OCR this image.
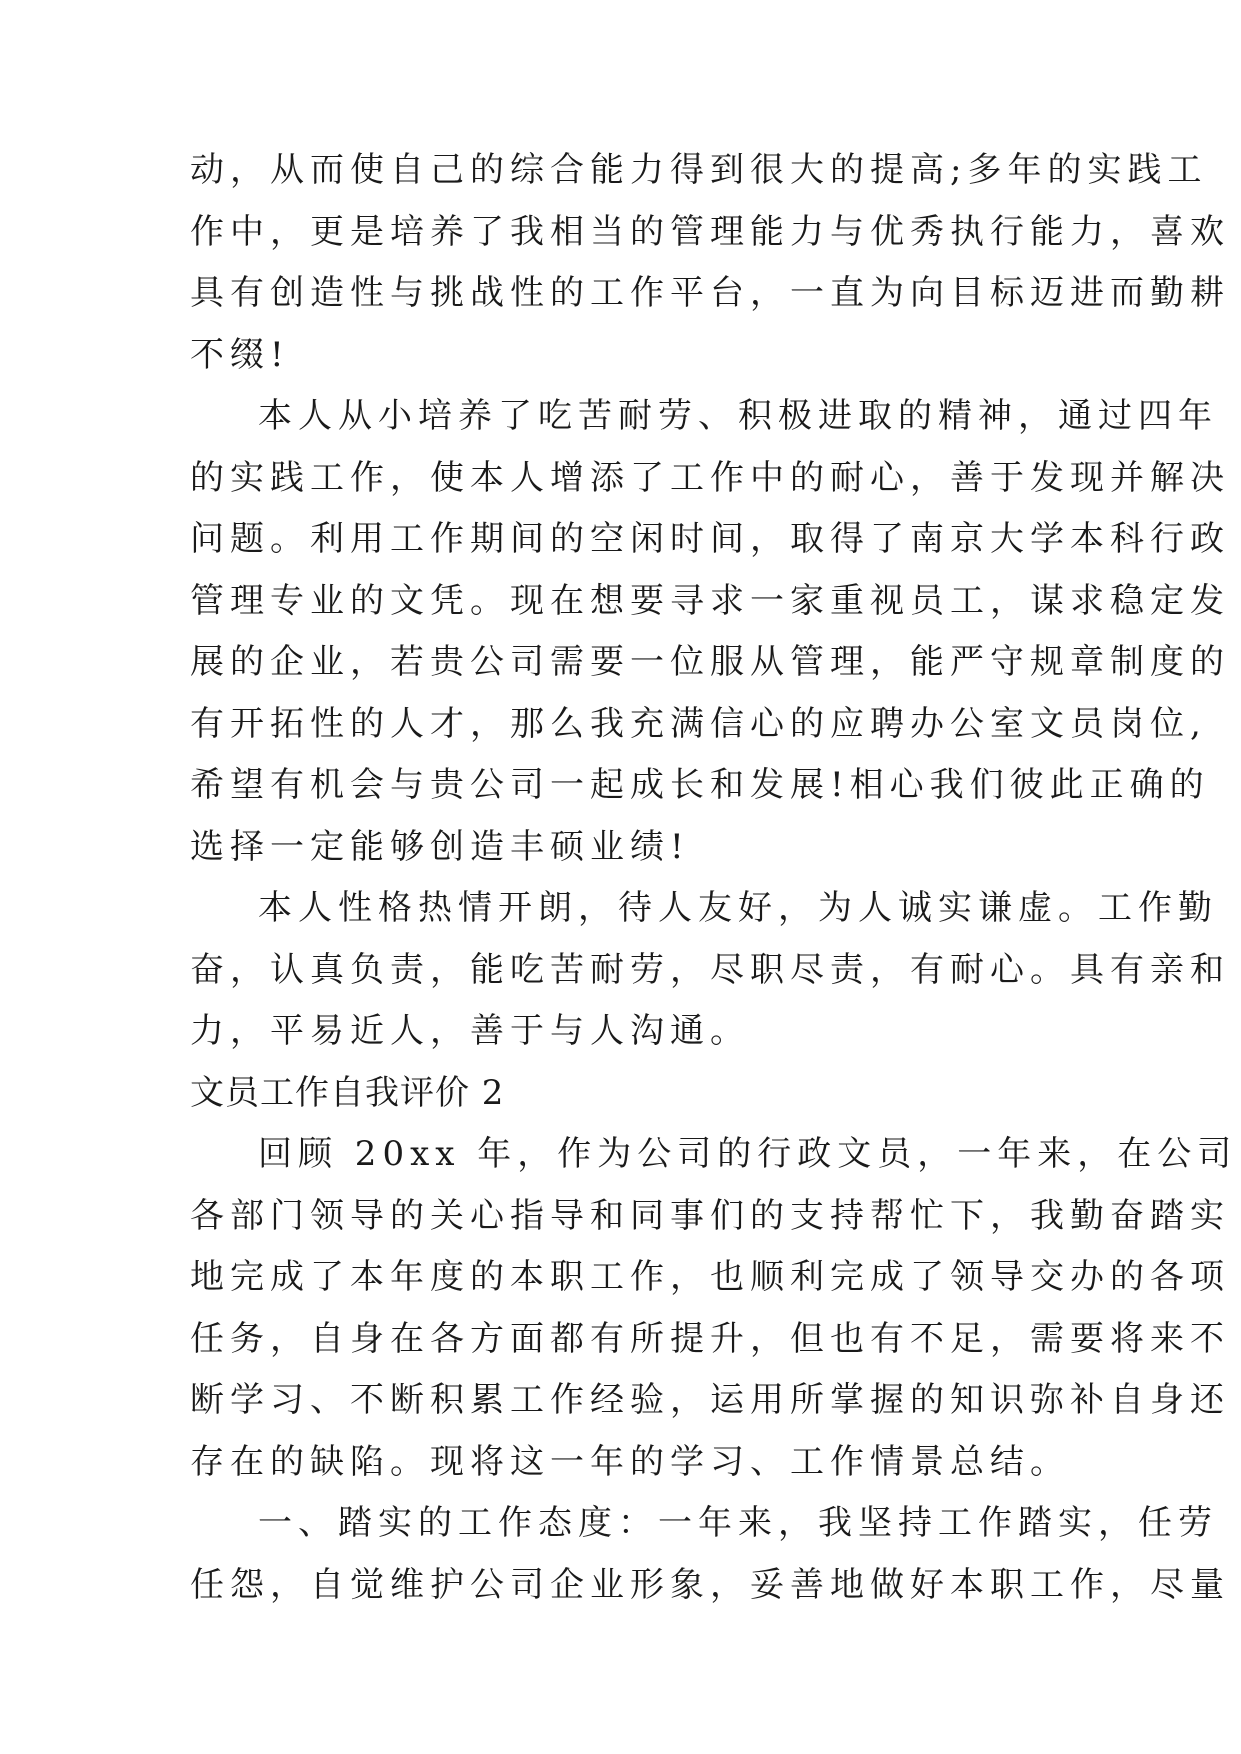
动，从而使自己的综合能力得到很大的提高;多年的实践工
作中，更是培养了我相当的管理能力与优秀执行能力，喜欢
具有创造性与挑战性的工作平台，一直为向目标迈进而勤耕
不缀!
本人从小培养了吃苦耐劳、积极进取的精神，通过四年
的实践工作，使本人增添了工作中的耐心，善于发现并解决
问题。利用工作期间的空闲时间，取得了南京大学本科行政
管理专业的文凭。现在想要寻求一家重视员工，谋求稳定发
展的企业，若贵公司需要一位服从管理，能严守规章制度的
有开拓性的人才，那么我充满信心的应聘办公室文员岗位,
希望有机会与贵公司一起成长和发展!相心我们彼此正确的
选择一定能够创造丰硕业绩!
本人性格热情开朗，待人友好，为人诚实谦虚。工作勤
奋，认真负责，能吃苦耐劳，尽职尽责，有耐心。具有亲和
力，平易近人，善于与人沟通。
文员工作自我评价 2
回顾 20xx 年，作为公司的行政文员，一年来，在公司
各部门领导的关心指导和同事们的支持帮忙下，我勤奋踏实
地完成了本年度的本职工作，也顺利完成了领导交办的各项
任务，自身在各方面都有所提升，但也有不足，需要将来不
断学习、不断积累工作经验，运用所掌握的知识弥补自身还
存在的缺陷。现将这一年的学习、工作情景总结。
一、踏实的工作态度：一年来，我坚持工作踏实，任劳
任怨，自觉维护公司企业形象，妥善地做好本职工作，尽量
